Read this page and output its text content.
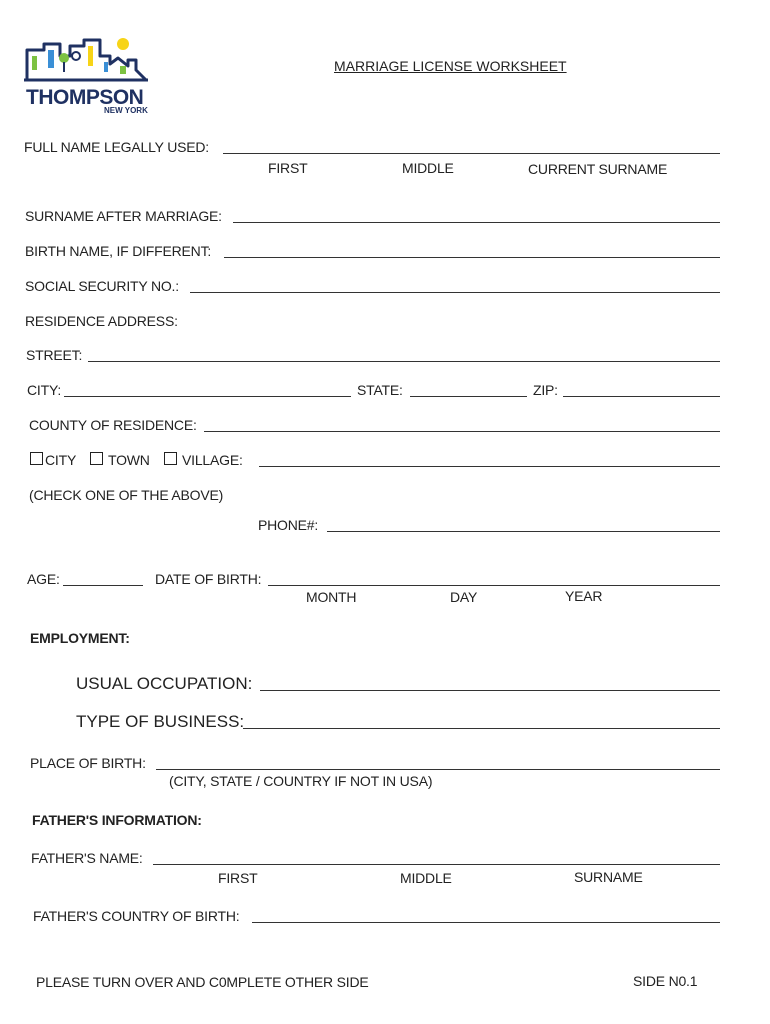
THOMPSON
NEW YORK
MARRIAGE LICENSE WORKSHEET
FULL NAME LEGALLY USED:
FIRST	MIDDLE	CURRENT SURNAME
SURNAME AFTER MARRIAGE:
BIRTH NAME, IF DIFFERENT:
SOCIAL SECURITY NO.:
RESIDENCE ADDRESS:
STREET:
CITY:	STATE:	ZIP:
COUNTY OF RESIDENCE:
CITY TOWN VILLAGE:
(CHECK ONE OF THE ABOVE)
PHONE#:
AGE:	DATE OF BIRTH:
MONTH	DAY	YEAR
EMPLOYMENT:
USUAL OCCUPATION:
TYPE OF BUSINESS:
PLACE OF BIRTH:
(CITY, STATE / COUNTRY IF NOT IN USA)
FATHER'S INFORMATION:
FATHER'S NAME:
FIRST	MIDDLE	SURNAME
FATHER'S COUNTRY OF BIRTH:
PLEASE TURN OVER AND C0MPLETE OTHER SIDE	SIDE N0.1
